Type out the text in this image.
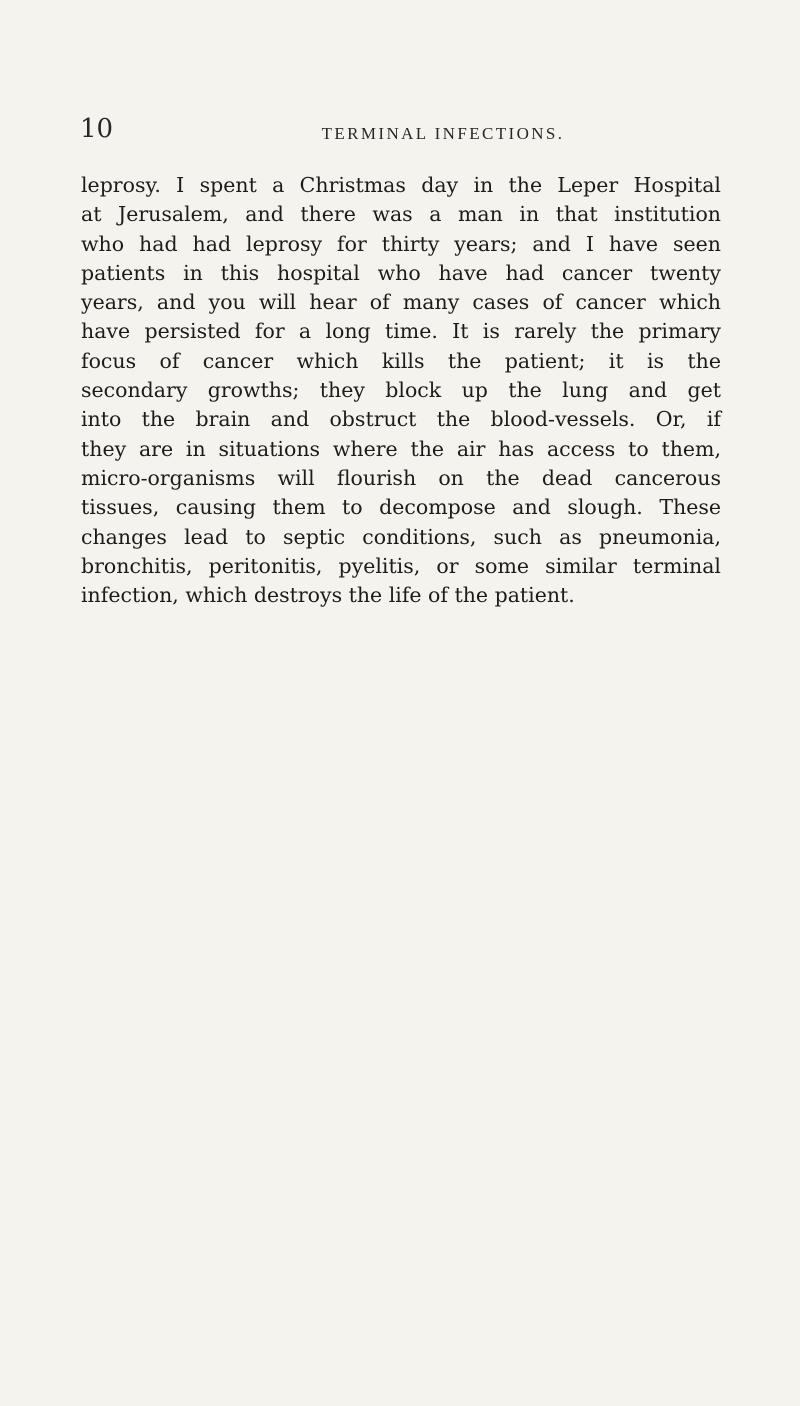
10	TERMINAL INFECTIONS.
leprosy. I spent a Christmas day in the Leper Hospital
at Jerusalem, and there was a man in that institution
who had had leprosy for thirty years; and I have seen
patients in this hospital who have had cancer twenty
years, and you will hear of many cases of cancer which
have persisted for a long time. It is rarely the primary
focus of cancer which kills the patient; it is the
secondary growths; they block up the lung and get
into the brain and obstruct the blood-vessels. Or, if
they are in situations where the air has access to them,
micro-organisms will flourish on the dead cancerous
tissues, causing them to decompose and slough. These
changes lead to septic conditions, such as pneumonia,
bronchitis, peritonitis, pyelitis, or some similar terminal
infection, which destroys the life of the patient.
